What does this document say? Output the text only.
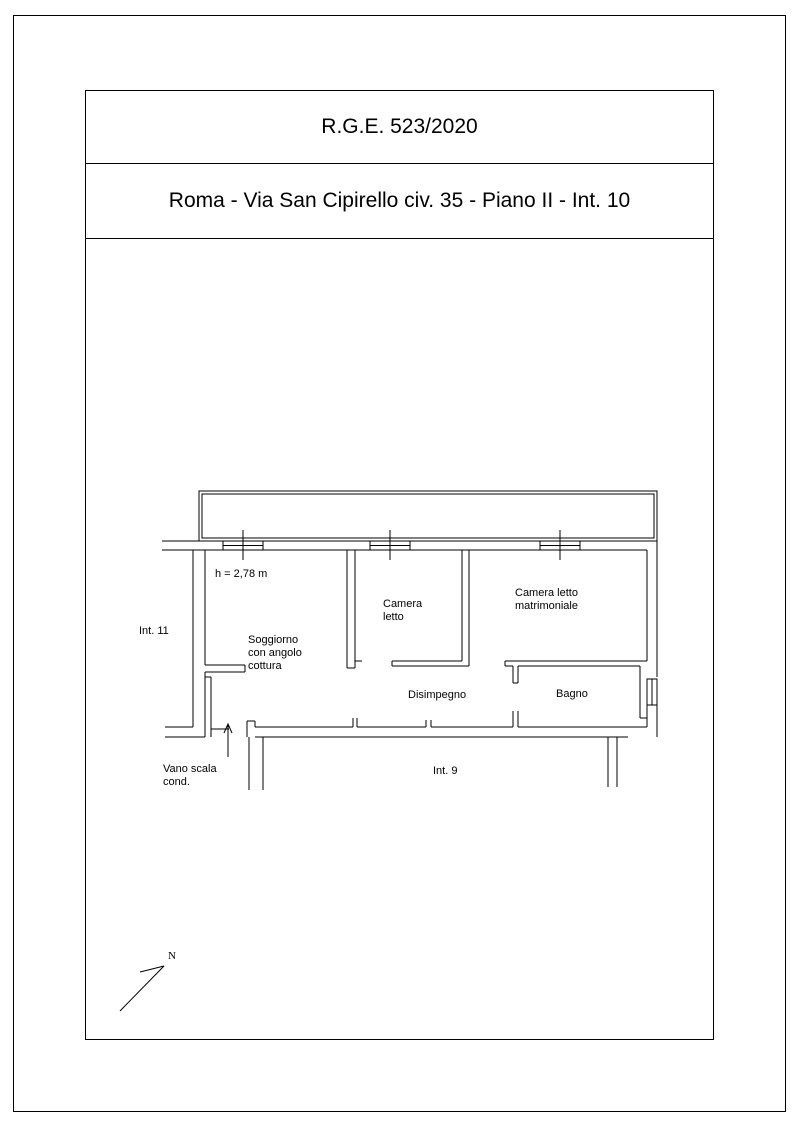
R.G.E. 523/2020
Roma - Via San Cipirello civ. 35 - Piano II - Int. 10
h = 2,78 m
Camera
letto
Camera letto
matrimoniale
Soggiorno
con angolo
cottura
Int. 11
Disimpegno	Bagno
Int. 9
Vano scala
cond.
N
